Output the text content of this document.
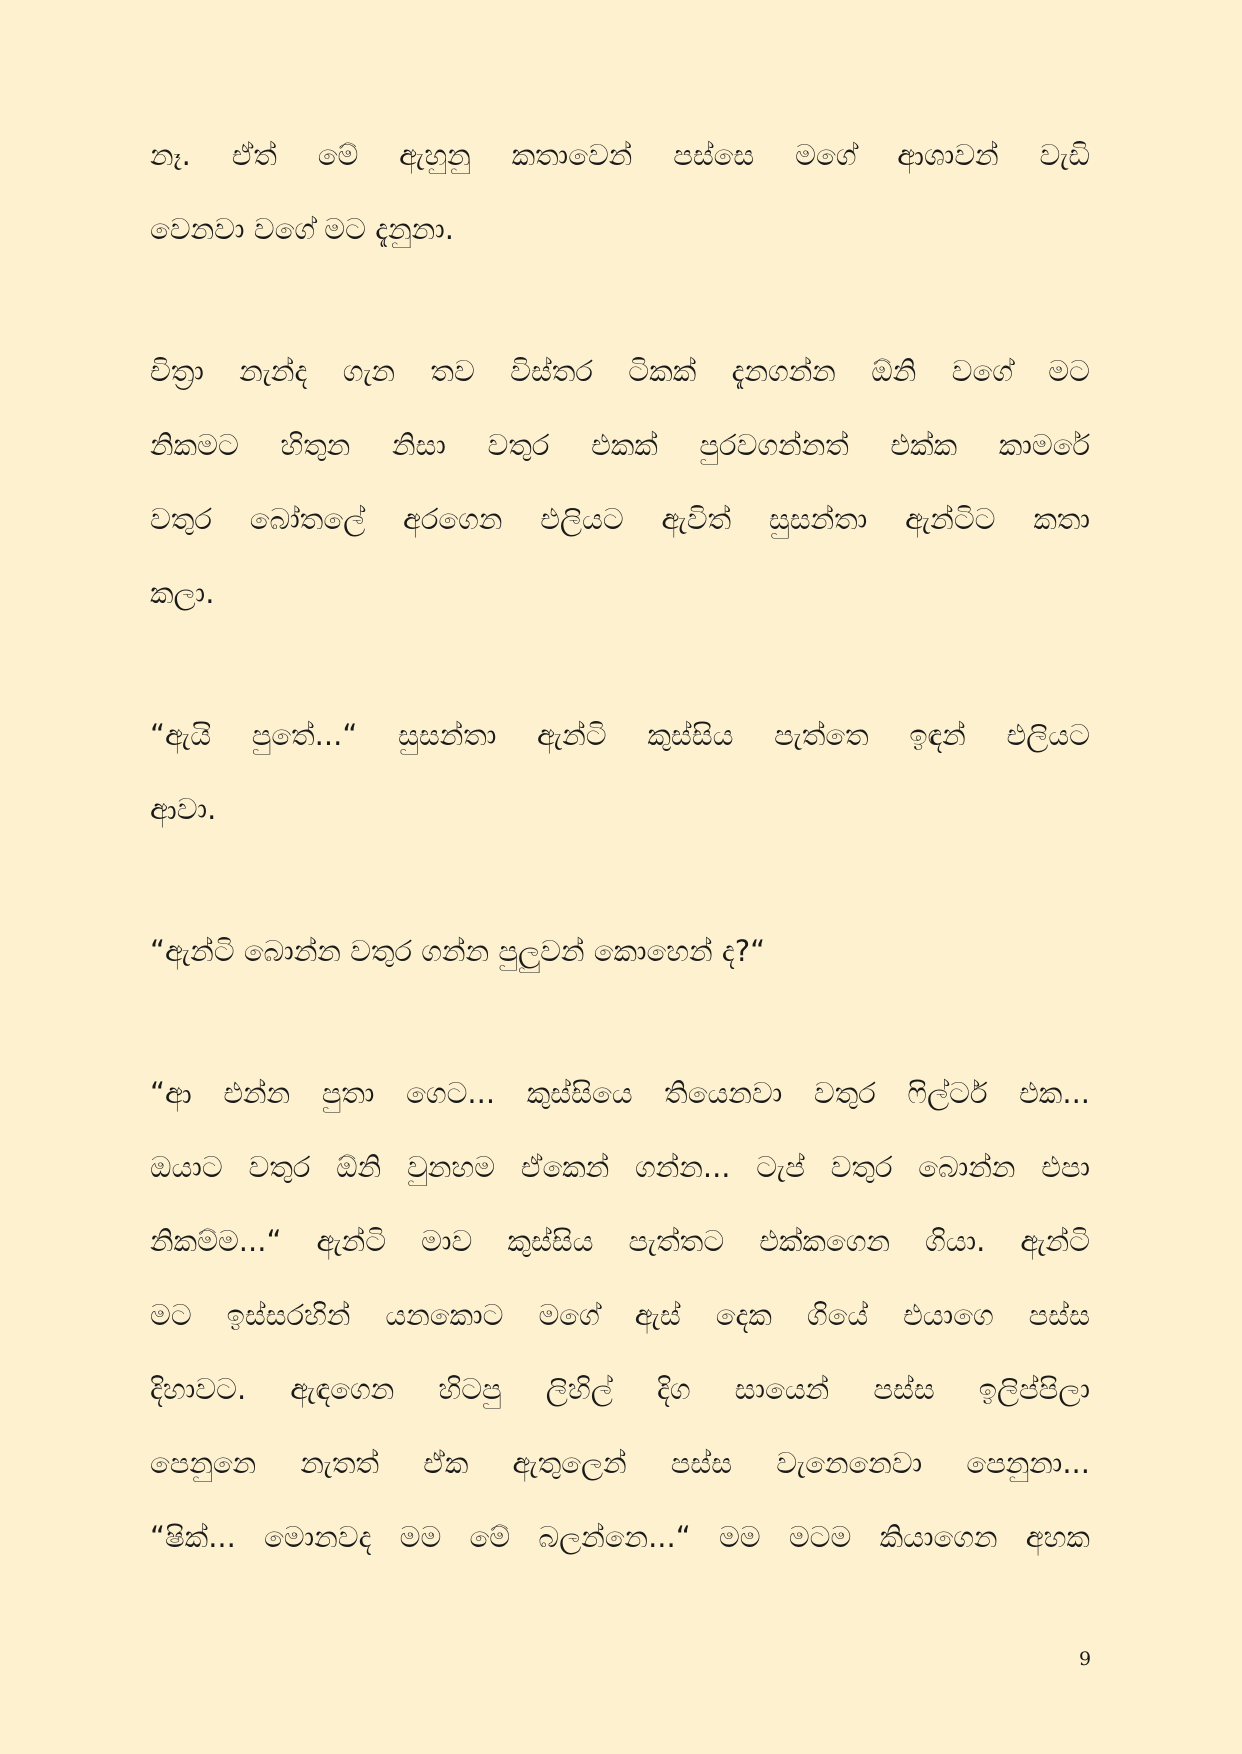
නෑ. ඒත් මේ ඇහුනු කතාවෙන් පස්සෙ මගේ ආශාවන් වැඩි
වෙනවා වගේ මට දැනුනා.
චිත්‍රා නැන්ද ගැන තව විස්තර ටිකක් දැනගන්න ඕනි වගේ මට
නිකමට හිතුන නිසා වතුර එකක් පුරවගන්නත් එක්ක කාමරේ
වතුර බෝතලේ අරගෙන එලියට ඇවිත් සුසන්තා ඇන්ටිට කතා
කලා.
“ඇයි පුතේ...“ සුසන්තා ඇන්ටි කුස්සිය පැත්තෙ ඉඳන් එලියට
ආවා.
“ඇන්ටි බොන්න වතුර ගන්න පුලුවන් කොහෙන් ද?“
“ආ එන්න පුතා ගෙට... කුස්සියෙ තියෙනවා වතුර ෆිල්ටර් එක...
ඔයාට වතුර ඕනි වුනහම ඒකෙන් ගන්න... ටැප් වතුර බොන්න එපා
නිකම්ම...“ ඇන්ටි මාව කුස්සිය පැත්තට එක්කගෙන ගියා. ඇන්ටි
මට ඉස්සරහින් යනකොට මගේ ඇස් දෙක ගියේ එයාගෙ පස්ස
දිහාවට. ඇඳගෙන හිටපු ලිහිල් දිග සායෙන් පස්ස ඉලිප්පිලා
පෙනුනෙ නැතත් ඒක ඇතුලෙන් පස්ස වැනෙනෙවා පෙනුනා...
“ෂික්... මොනවද මම මේ බලන්නෙ...“ මම මටම කියාගෙන අහක
9
